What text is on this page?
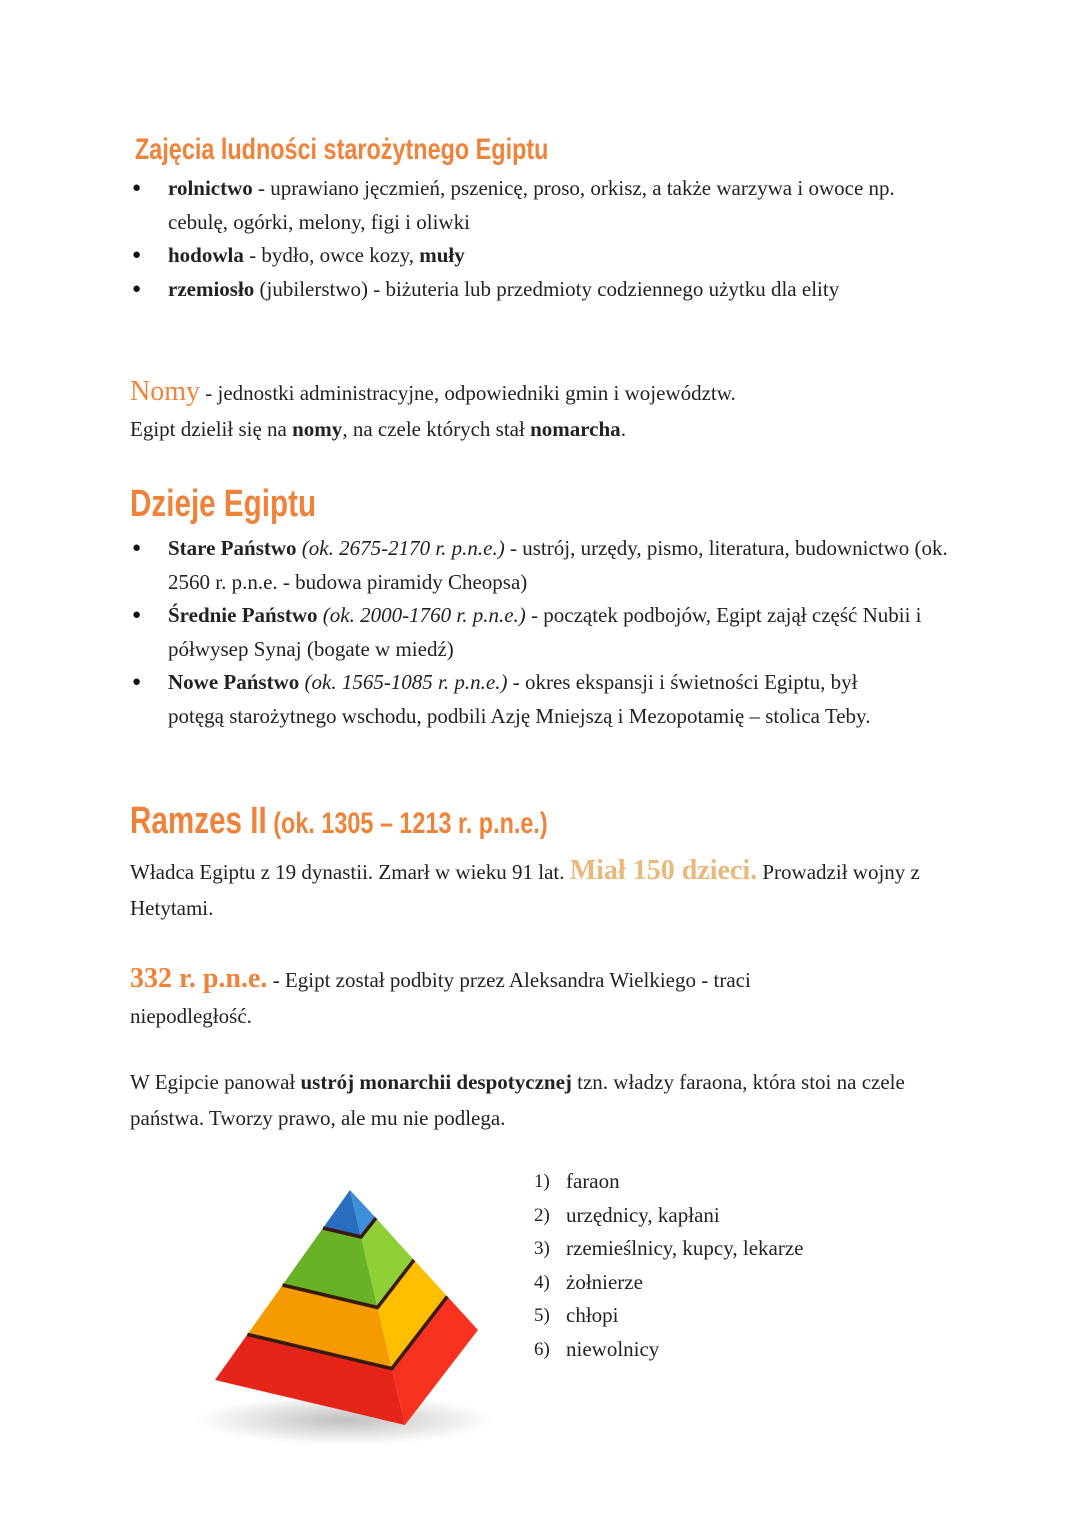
Zajęcia ludności starożytnego Egiptu
● rolnictwo - uprawiano jęczmień, pszenicę, proso, orkisz, a także warzywa i owoce np. cebulę, ogórki, melony, figi i oliwki
● hodowla - bydło, owce kozy, muły
● rzemiosło (jubilerstwo) - biżuteria lub przedmioty codziennego użytku dla elity
Nomy - jednostki administracyjne, odpowiedniki gmin i województw.
Egipt dzielił się na nomy, na czele których stał nomarcha.
Dzieje Egiptu
● Stare Państwo (ok. 2675-2170 r. p.n.e.) - ustrój, urzędy, pismo, literatura, budownictwo (ok. 2560 r. p.n.e. - budowa piramidy Cheopsa)
● Średnie Państwo (ok. 2000-1760 r. p.n.e.) - początek podbojów, Egipt zajął część Nubii i półwysep Synaj (bogate w miedź)
● Nowe Państwo (ok. 1565-1085 r. p.n.e.) - okres ekspansji i świetności Egiptu, był potęgą starożytnego wschodu, podbili Azję Mniejszą i Mezopotamię – stolica Teby.
Ramzes II (ok. 1305 – 1213 r. p.n.e.)
Władca Egiptu z 19 dynastii. Zmarł w wieku 91 lat. Miał 150 dzieci. Prowadził wojny z Hetytami.
332 r. p.n.e. - Egipt został podbity przez Aleksandra Wielkiego - traci niepodległość.
W Egipcie panował ustrój monarchii despotycznej tzn. władzy faraona, która stoi na czele państwa. Tworzy prawo, ale mu nie podlega.
1) faraon
2) urzędnicy, kapłani
3) rzemieślnicy, kupcy, lekarze
4) żołnierze
5) chłopi
6) niewolnicy
